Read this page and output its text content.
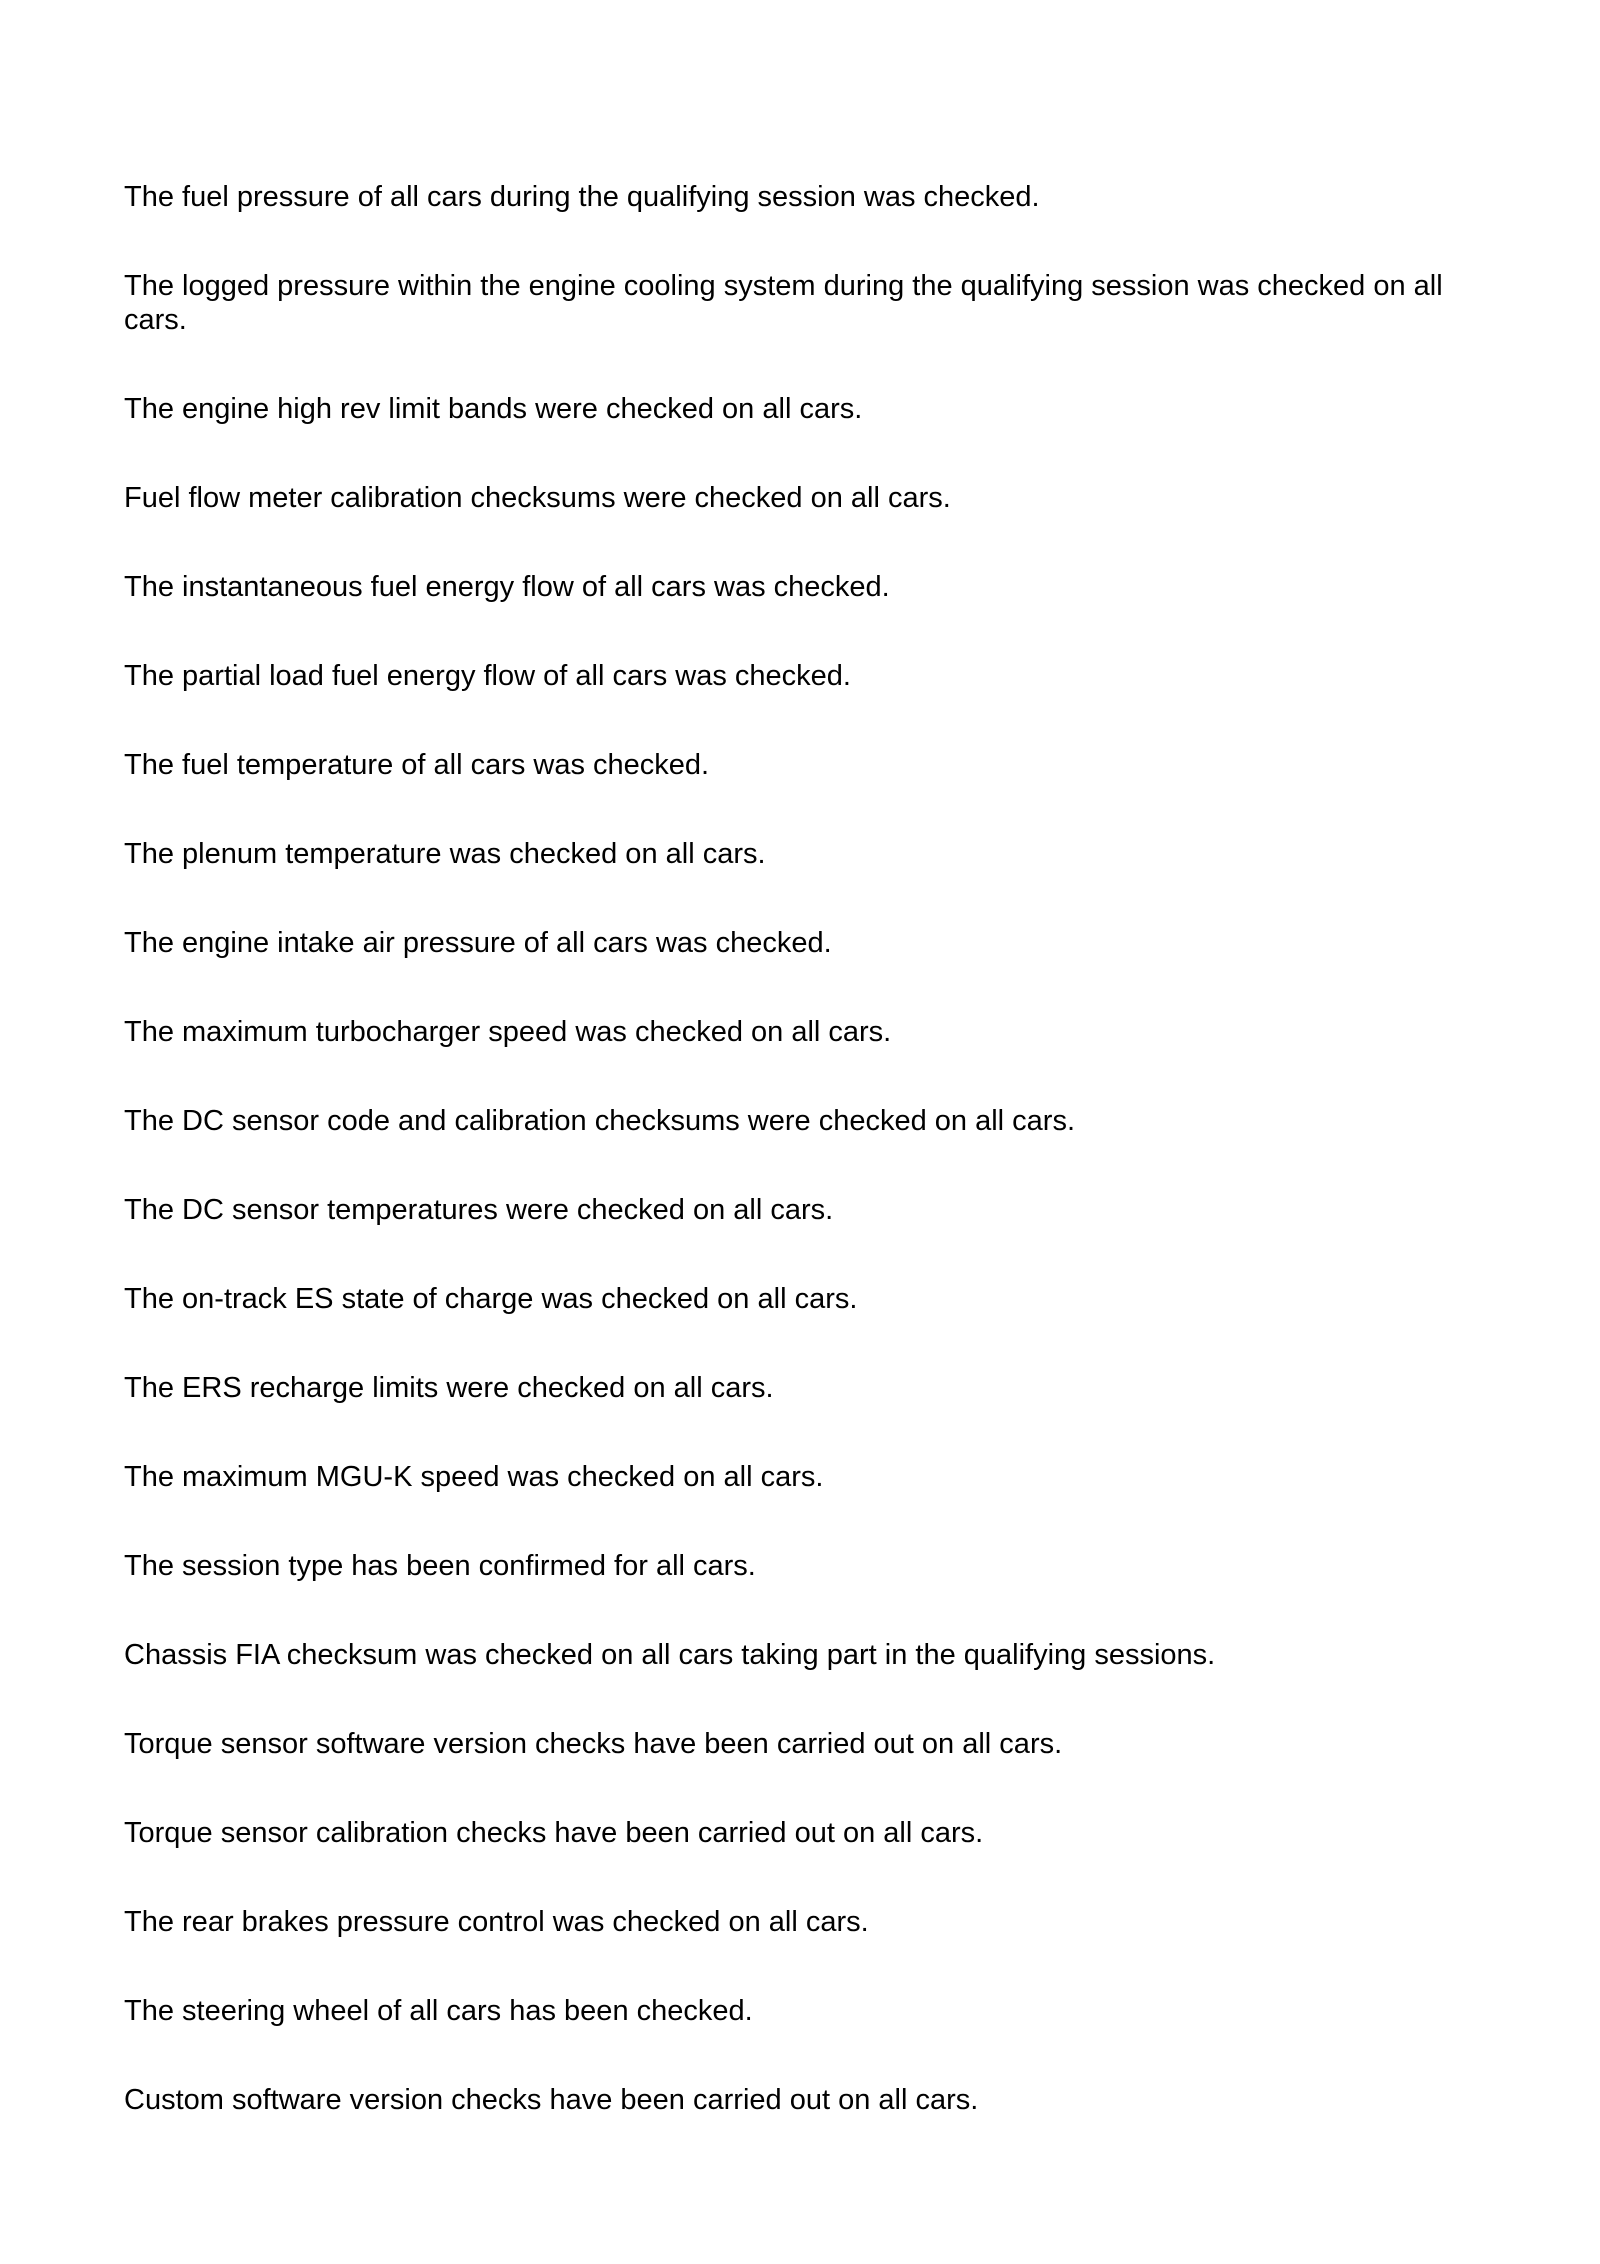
The fuel pressure of all cars during the qualifying session was checked.
The logged pressure within the engine cooling system during the qualifying session was checked on all cars.
The engine high rev limit bands were checked on all cars.
Fuel flow meter calibration checksums were checked on all cars.
The instantaneous fuel energy flow of all cars was checked.
The partial load fuel energy flow of all cars was checked.
The fuel temperature of all cars was checked.
The plenum temperature was checked on all cars.
The engine intake air pressure of all cars was checked.
The maximum turbocharger speed was checked on all cars.
The DC sensor code and calibration checksums were checked on all cars.
The DC sensor temperatures were checked on all cars.
The on-track ES state of charge was checked on all cars.
The ERS recharge limits were checked on all cars.
The maximum MGU-K speed was checked on all cars.
The session type has been confirmed for all cars.
Chassis FIA checksum was checked on all cars taking part in the qualifying sessions.
Torque sensor software version checks have been carried out on all cars.
Torque sensor calibration checks have been carried out on all cars.
The rear brakes pressure control was checked on all cars.
The steering wheel of all cars has been checked.
Custom software version checks have been carried out on all cars.
